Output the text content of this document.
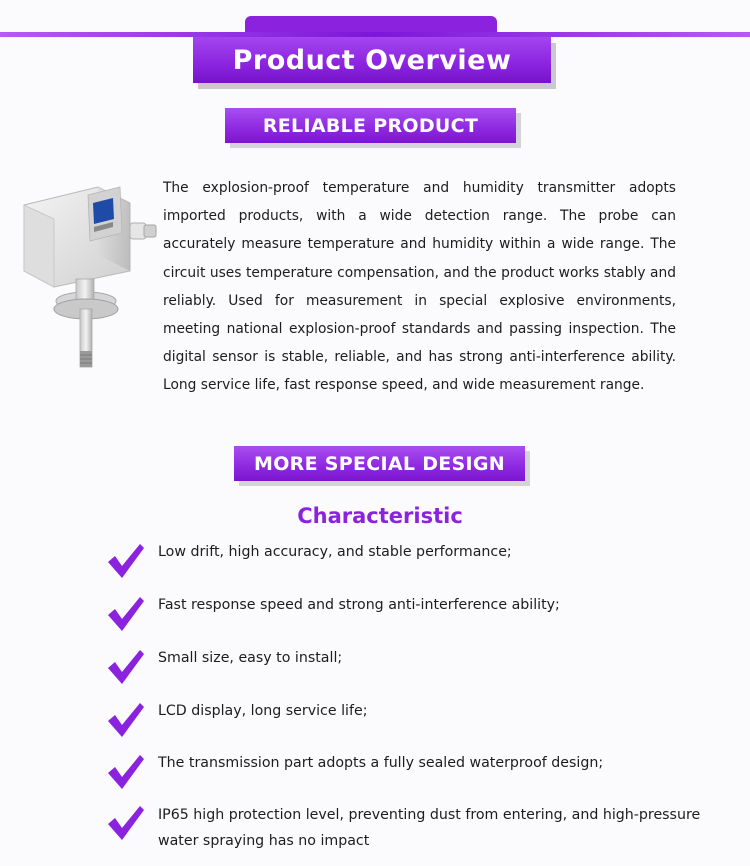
Product Overview
RELIABLE PRODUCT

The explosion-proof temperature and humidity transmitter adopts imported products, with a wide detection range. The probe can accurately measure temperature and humidity within a wide range. The circuit uses temperature compensation, and the product works stably and reliably. Used for measurement in special explosive environments, meeting national explosion-proof standards and passing inspection. The digital sensor is stable, reliable, and has strong anti-interference ability. Long service life, fast response speed, and wide measurement range.

MORE SPECIAL DESIGN
Characteristic
Low drift, high accuracy, and stable performance;
Fast response speed and strong anti-interference ability;
Small size, easy to install;
LCD display, long service life;
The transmission part adopts a fully sealed waterproof design;
IP65 high protection level, preventing dust from entering, and high-pressure water spraying has no impact
